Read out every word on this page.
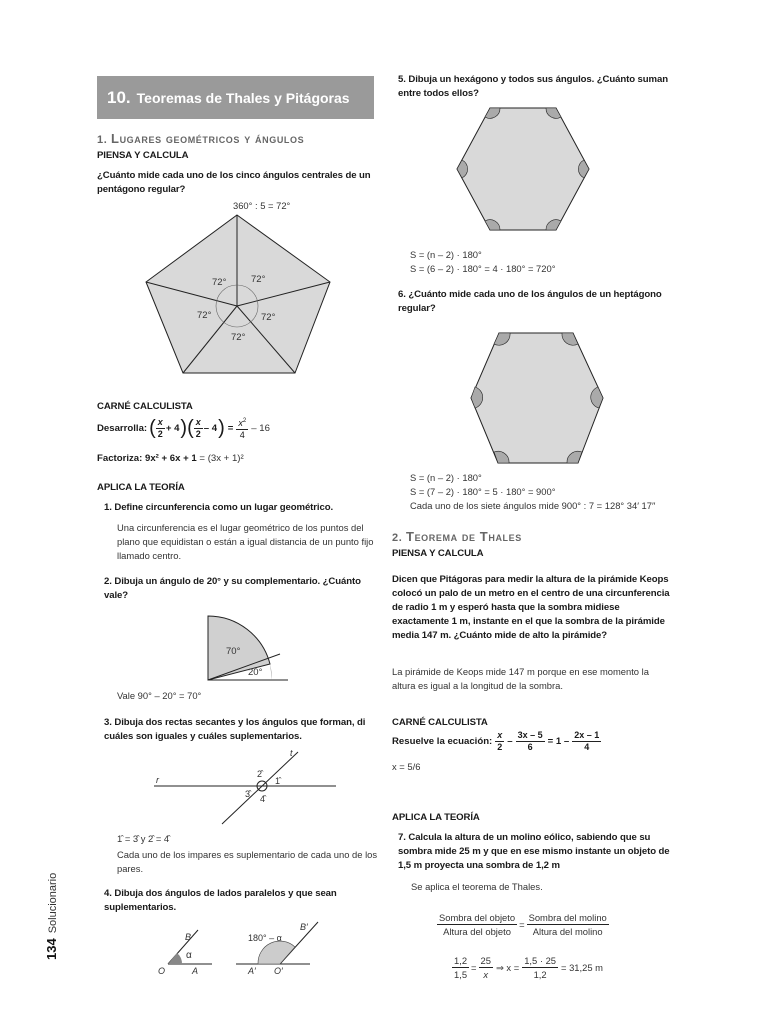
10. Teoremas de Thales y Pitágoras
134Solucionario
1. Lugares geométricos y ángulos
PIENSA Y CALCULA
¿Cuánto mide cada uno de los cinco ángulos centrales de un pentágono regular?
360° : 5 = 72°
72°	72°
72°	72°
72°
CARNÉ CALCULISTA
Desarrolla: ( $\frac{x}{2} + 4$ )( $\frac{x}{2} - 4$ ) = $\frac{x^2}{4} - 16$
Factoriza: 9x² + 6x + 1 = (3x + 1)²
APLICA LA TEORÍA
1. Define circunferencia como un lugar geométrico.
Una circunferencia es el lugar geométrico de los puntos del plano que equidistan o están a igual distancia de un punto fijo llamado centro.
2. Dibuja un ángulo de 20° y su complementario. ¿Cuánto vale?
70°
20°
Vale 90° – 20° = 70°
3. Dibuja dos rectas secantes y los ángulos que forman, di cuáles son iguales y cuáles suplementarios.
t
r	1̂
2̂
3̂ 4̂
1̂ = 3̂ y 2̂ = 4̂
Cada uno de los impares es suplementario de cada uno de los pares.
4. Dibuja dos ángulos de lados paralelos y que sean suplementarios.
B
α
O	A
B′
180° – α
A′ O′
5. Dibuja un hexágono y todos sus ángulos. ¿Cuánto suman entre todos ellos?
S = (n – 2) · 180°
S = (6 – 2) · 180° = 4 · 180° = 720°
6. ¿Cuánto mide cada uno de los ángulos de un heptágono regular?
S = (n – 2) · 180°
S = (7 – 2) · 180° = 5 · 180° = 900°
Cada uno de los siete ángulos mide 900° : 7 = 128° 34′ 17″
2. Teorema de Thales
PIENSA Y CALCULA
Dicen que Pitágoras para medir la altura de la pirámide Keops colocó un palo de un metro en el centro de una circunferencia de radio 1 m y esperó hasta que la sombra midiese exactamente 1 m, instante en el que la sombra de la pirámide media 147 m. ¿Cuánto mide de alto la pirámide?
La pirámide de Keops mide 147 m porque en ese momento la altura es igual a la longitud de la sombra.
CARNÉ CALCULISTA
Resuelve la ecuación: $\frac{x}{2} - \frac{3x - 5}{6} = 1 - \frac{2x - 1}{4}$
x = 5/6
APLICA LA TEORÍA
7. Calcula la altura de un molino eólico, sabiendo que su sombra mide 25 m y que en ese mismo instante un objeto de 1,5 m proyecta una sombra de 1,2 m
Se aplica el teorema de Thales.
$\frac{\text{Sombra del objeto}}{\text{Altura del objeto}} = \frac{\text{Sombra del molino}}{\text{Altura del molino}}$
$\frac{1,2}{1,5} = \frac{25}{x}$ ⇒ $x = \frac{1,5 \cdot 25}{1,2} = 31,25$ m
